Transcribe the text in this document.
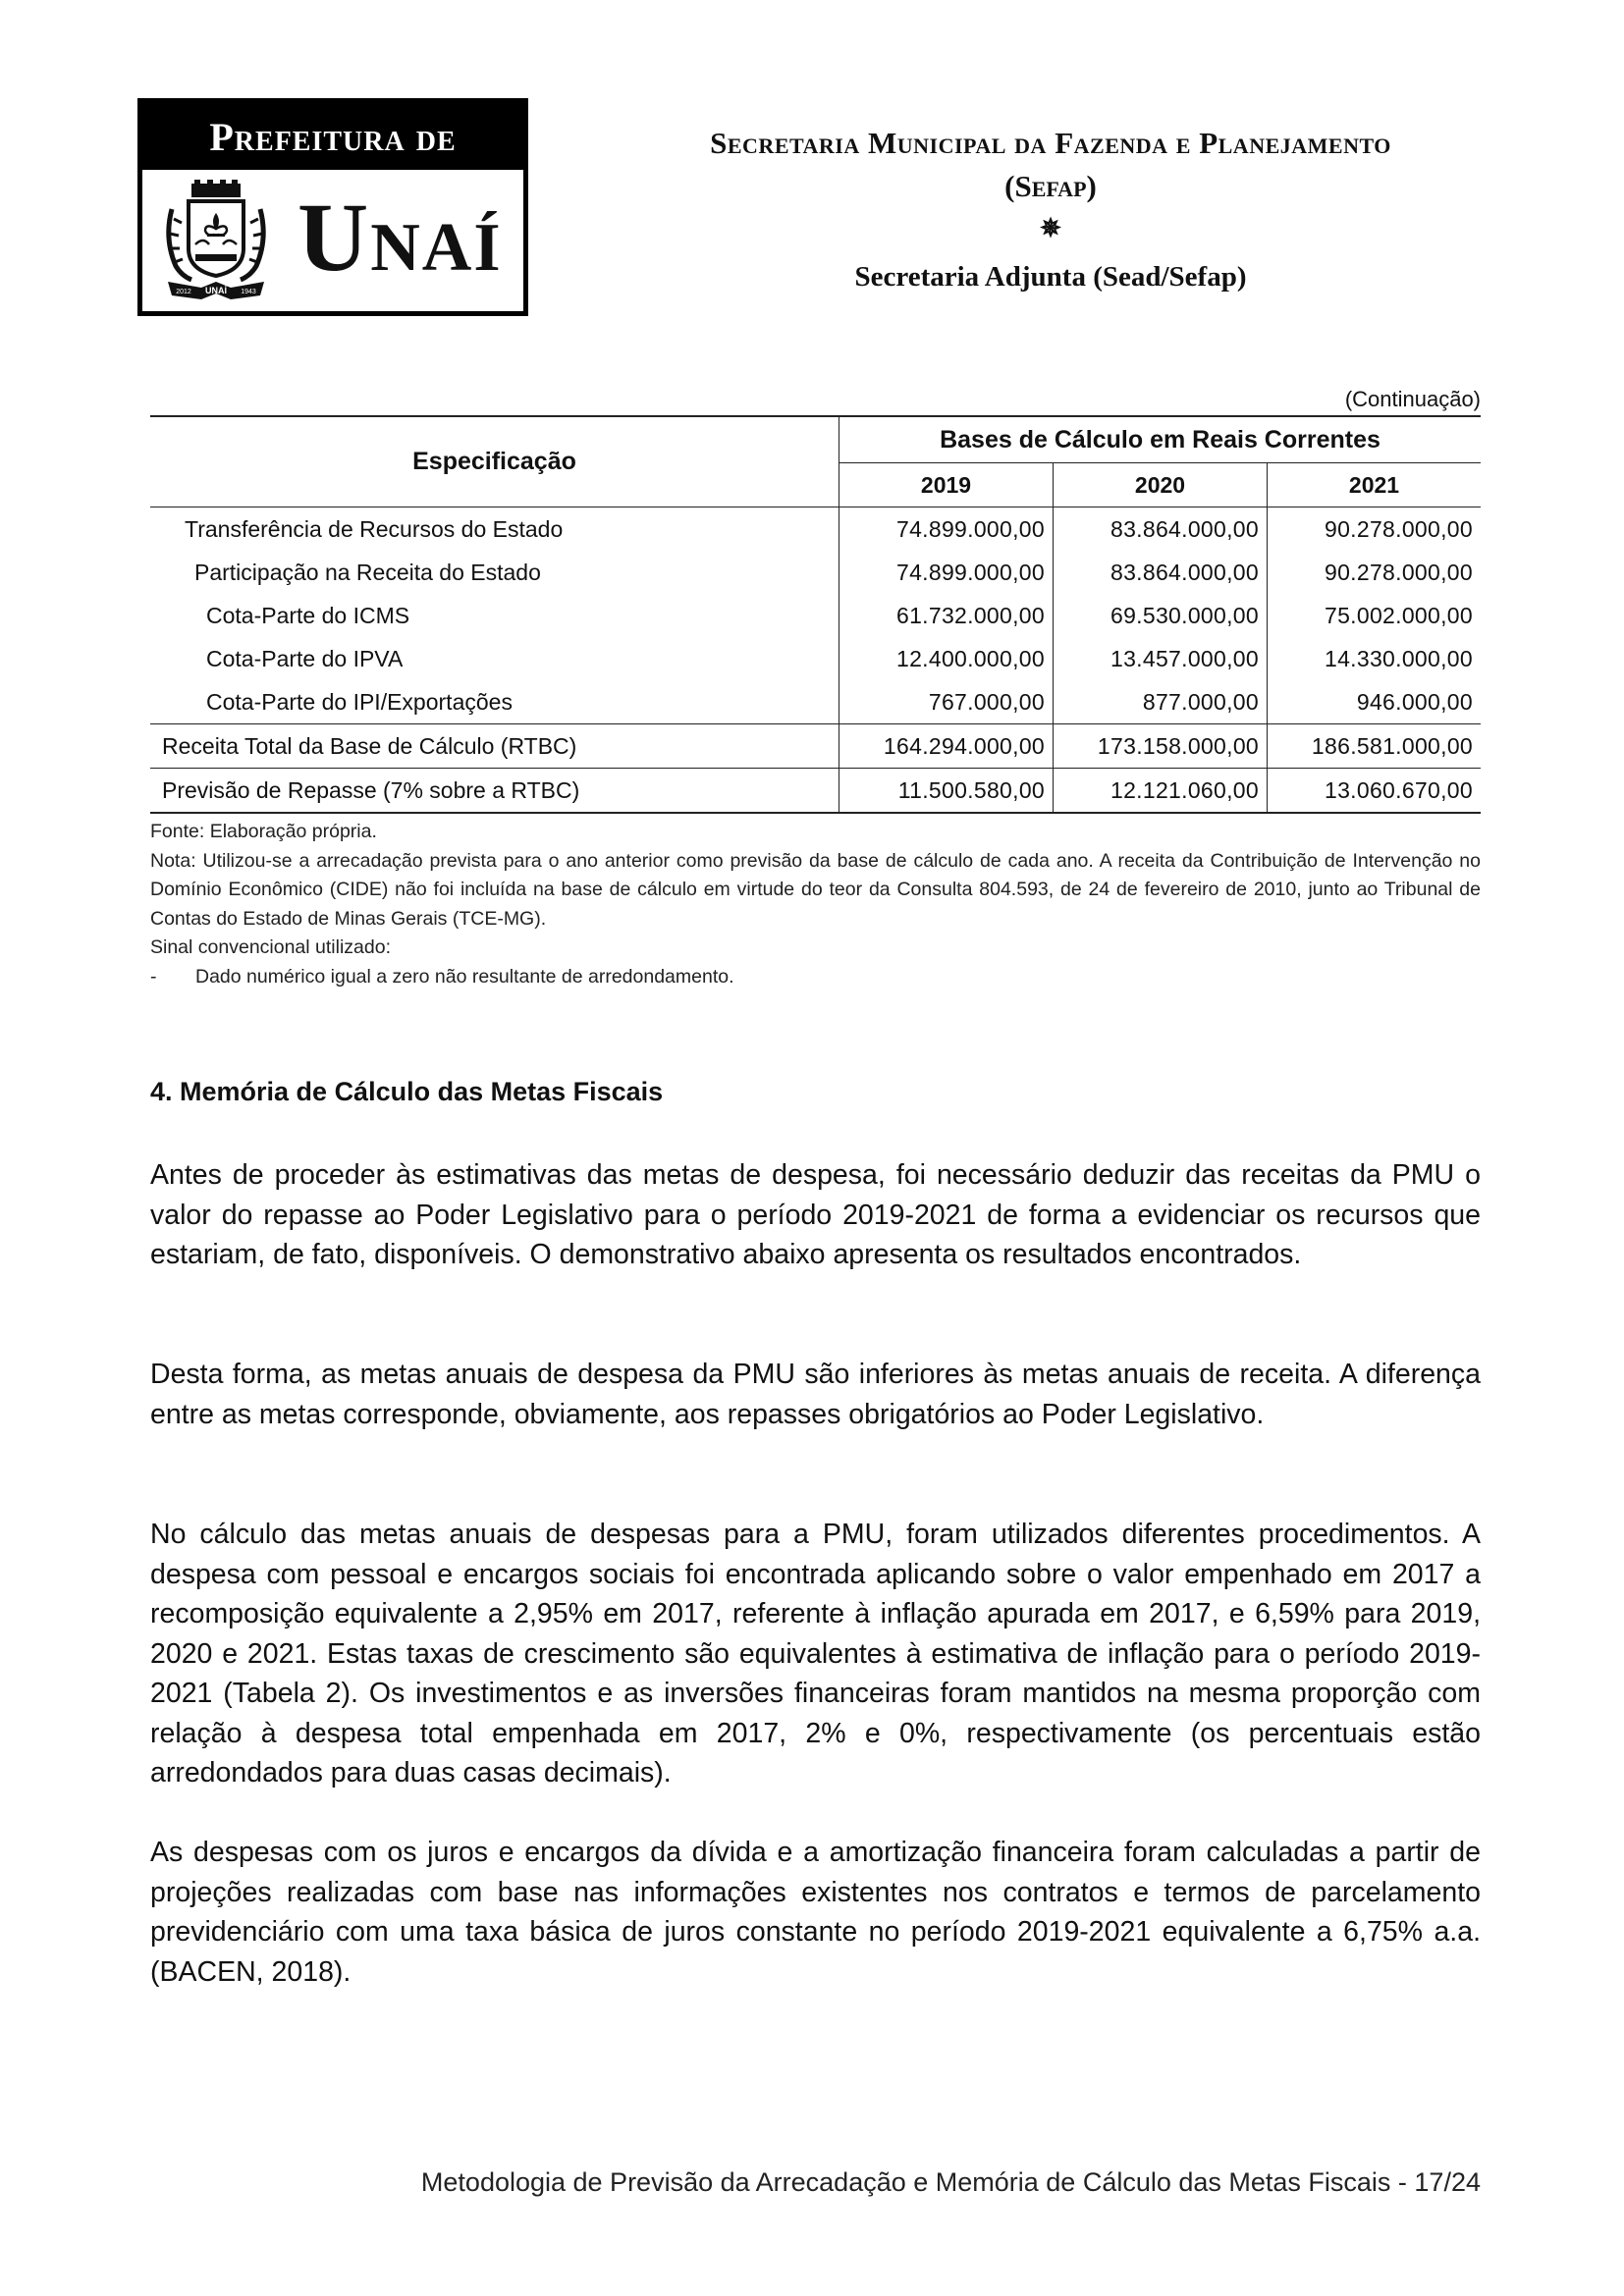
Prefeitura de
UNAÍ
2012	1943
Unaí
Secretaria Municipal da Fazenda e Planejamento
(Sefap)
✵
Secretaria Adjunta (Sead/Sefap)
(Continuação)
Especificação	Bases de Cálculo em Reais Correntes		
	2019	2020	2021
Transferência de Recursos do Estado	74.899.000,00	83.864.000,00	90.278.000,00
Participação na Receita do Estado	74.899.000,00	83.864.000,00	90.278.000,00
Cota-Parte do ICMS	61.732.000,00	69.530.000,00	75.002.000,00
Cota-Parte do IPVA	12.400.000,00	13.457.000,00	14.330.000,00
Cota-Parte do IPI/Exportações	767.000,00	877.000,00	946.000,00
Receita Total da Base de Cálculo (RTBC)	164.294.000,00	173.158.000,00	186.581.000,00
Previsão de Repasse (7% sobre a RTBC)	11.500.580,00	12.121.060,00	13.060.670,00

Fonte: Elaboração própria.

Nota: Utilizou-se a arrecadação prevista para o ano anterior como previsão da base de cálculo de cada ano. A receita da Contribuição de Intervenção no Domínio Econômico (CIDE) não foi incluída na base de cálculo em virtude do teor da Consulta 804.593, de 24 de fevereiro de 2010, junto ao Tribunal de Contas do Estado de Minas Gerais (TCE-MG).

Sinal convencional utilizado:

- Dado numérico igual a zero não resultante de arredondamento.

4. Memória de Cálculo das Metas Fiscais

Antes de proceder às estimativas das metas de despesa, foi necessário deduzir das receitas da PMU o valor do repasse ao Poder Legislativo para o período 2019-2021 de forma a evidenciar os recursos que estariam, de fato, disponíveis. O demonstrativo abaixo apresenta os resultados encontrados.

Desta forma, as metas anuais de despesa da PMU são inferiores às metas anuais de receita. A diferença entre as metas corresponde, obviamente, aos repasses obrigatórios ao Poder Legislativo.

No cálculo das metas anuais de despesas para a PMU, foram utilizados diferentes procedimentos. A despesa com pessoal e encargos sociais foi encontrada aplicando sobre o valor empenhado em 2017 a recomposição equivalente a 2,95% em 2017, referente à inflação apurada em 2017, e 6,59% para 2019, 2020 e 2021. Estas taxas de crescimento são equivalentes à estimativa de inflação para o período 2019-2021 (Tabela 2). Os investimentos e as inversões financeiras foram mantidos na mesma proporção com relação à despesa total empenhada em 2017, 2% e 0%, respectivamente (os percentuais estão arredondados para duas casas decimais).

As despesas com os juros e encargos da dívida e a amortização financeira foram calculadas a partir de projeções realizadas com base nas informações existentes nos contratos e termos de parcelamento previdenciário com uma taxa básica de juros constante no período 2019-2021 equivalente a 6,75% a.a. (BACEN, 2018).

Metodologia de Previsão da Arrecadação e Memória de Cálculo das Metas Fiscais - 17/24
